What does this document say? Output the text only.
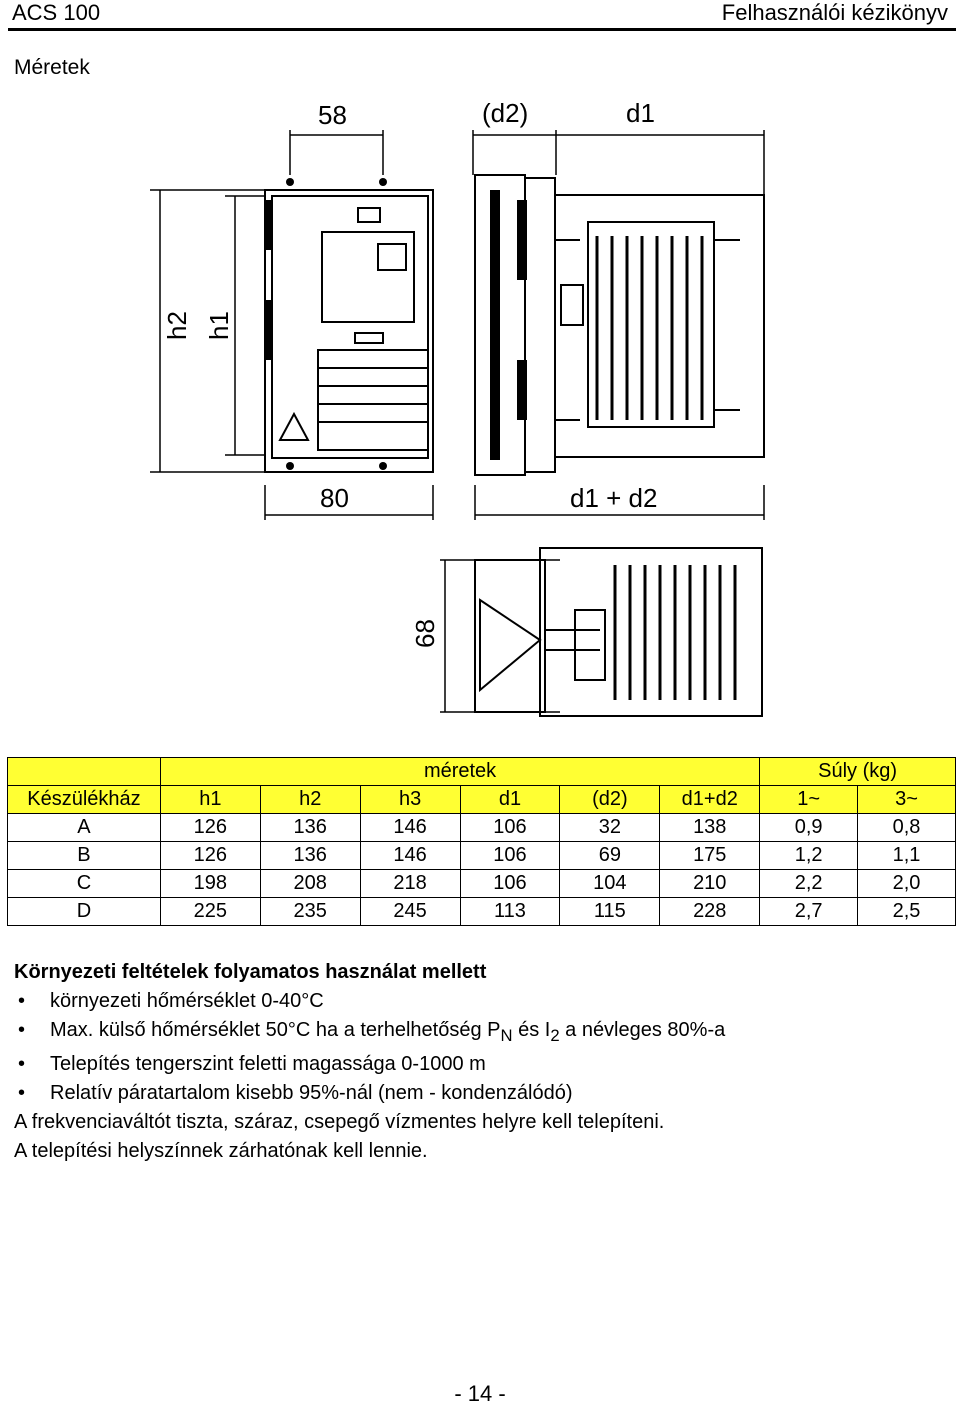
ACS 100	Felhasználói kézikönyv
Méretek
58	(d2)	d1
h2 h1
80	d1 + d2
68
	méretek						Súly (kg)	
Készülékház	h1	h2	h3	d1	(d2)	d1+d2	1~	3~
A	126	136	146	106	32	138	0,9	0,8
B	126	136	146	106	69	175	1,2	1,1
C	198	208	218	106	104	210	2,2	2,0
D	225	235	245	113	115	228	2,7	2,5
Környezeti feltételek folyamatos használat mellett
• környezeti hőmérséklet 0-40°C
• Max. külső hőmérséklet 50°C ha a terhelhetőség $P_N$ és $I_2$ a névleges 80%-a
• Telepítés tengerszint feletti magassága 0-1000 m
• Relatív páratartalom kisebb 95%-nál (nem - kondenzálódó)

A frekvenciaváltót tiszta, száraz, csepegő vízmentes helyre kell telepíteni.

A telepítési helyszínnek zárhatónak kell lennie.

- 14 -
